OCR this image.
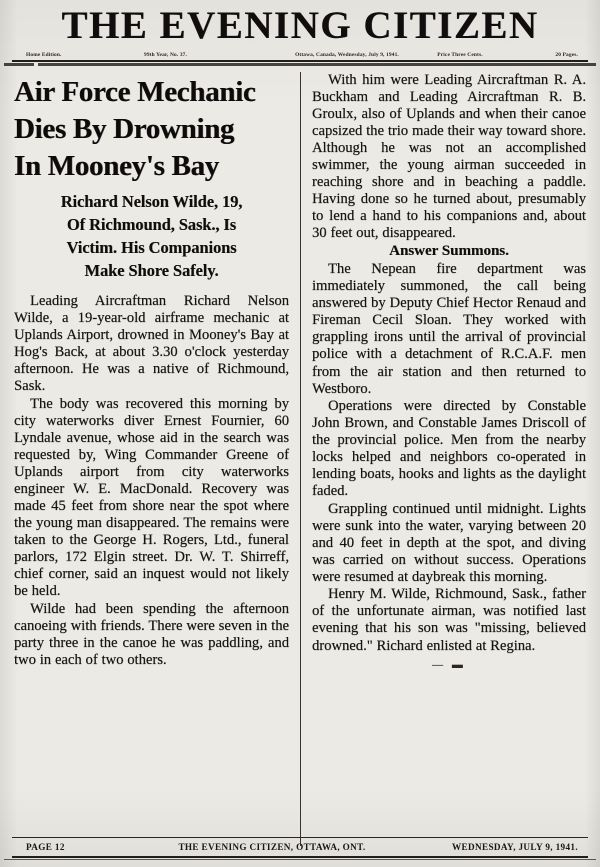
THE EVENING CITIZEN
Home Edition.	99th Year, No. 37.	Ottawa, Canada, Wednesday, July 9, 1941.	Price Three Cents.	20 Pages.
Air Force Mechanic
Dies By Drowning
In Mooney's Bay
Richard Nelson Wilde, 19,
Of Richmound, Sask., Is
Victim. His Companions
Make Shore Safely.

Leading Aircraftman Richard Nelson Wilde, a 19-year-old airframe mechanic at Uplands Airport, drowned in Mooney's Bay at Hog's Back, at about 3.30 o'clock yesterday afternoon. He was a native of Richmound, Sask.

The body was recovered this morning by city waterworks diver Ernest Fournier, 60 Lyndale avenue, whose aid in the search was requested by, Wing Commander Greene of Uplands airport from city waterworks engineer W. E. MacDonald. Recovery was made 45 feet from shore near the spot where the young man disappeared. The remains were taken to the George H. Rogers, Ltd., funeral parlors, 172 Elgin street. Dr. W. T. Shirreff, chief corner, said an inquest would not likely be held.

Wilde had been spending the afternoon canoeing with friends. There were seven in the party three in the canoe he was paddling, and two in each of two others.

With him were Leading Aircraftman R. A. Buckham and Leading Aircraftman R. B. Groulx, also of Uplands and when their canoe capsized the trio made their way toward shore. Although he was not an accomplished swimmer, the young airman succeeded in reaching shore and in beaching a paddle. Having done so he turned about, presumably to lend a hand to his companions and, about 30 feet out, disappeared.

Answer Summons.

The Nepean fire department was immediately summoned, the call being answered by Deputy Chief Hector Renaud and Fireman Cecil Sloan. They worked with grappling irons until the arrival of provincial police with a detachment of R.C.A.F. men from the air station and then returned to Westboro.

Operations were directed by Constable John Brown, and Constable James Driscoll of the provincial police. Men from the nearby locks helped and neighbors co-operated in lending boats, hooks and lights as the daylight faded.

Grappling continued until midnight. Lights were sunk into the water, varying between 20 and 40 feet in depth at the spot, and diving was carried on without success. Operations were resumed at daybreak this morning.

Henry M. Wilde, Richmound, Sask., father of the unfortunate airman, was notified last evening that his son was "missing, believed drowned." Richard enlisted at Regina.

— ▬
PAGE 12	THE EVENING CITIZEN, OTTAWA, ONT.	WEDNESDAY, JULY 9, 1941.
